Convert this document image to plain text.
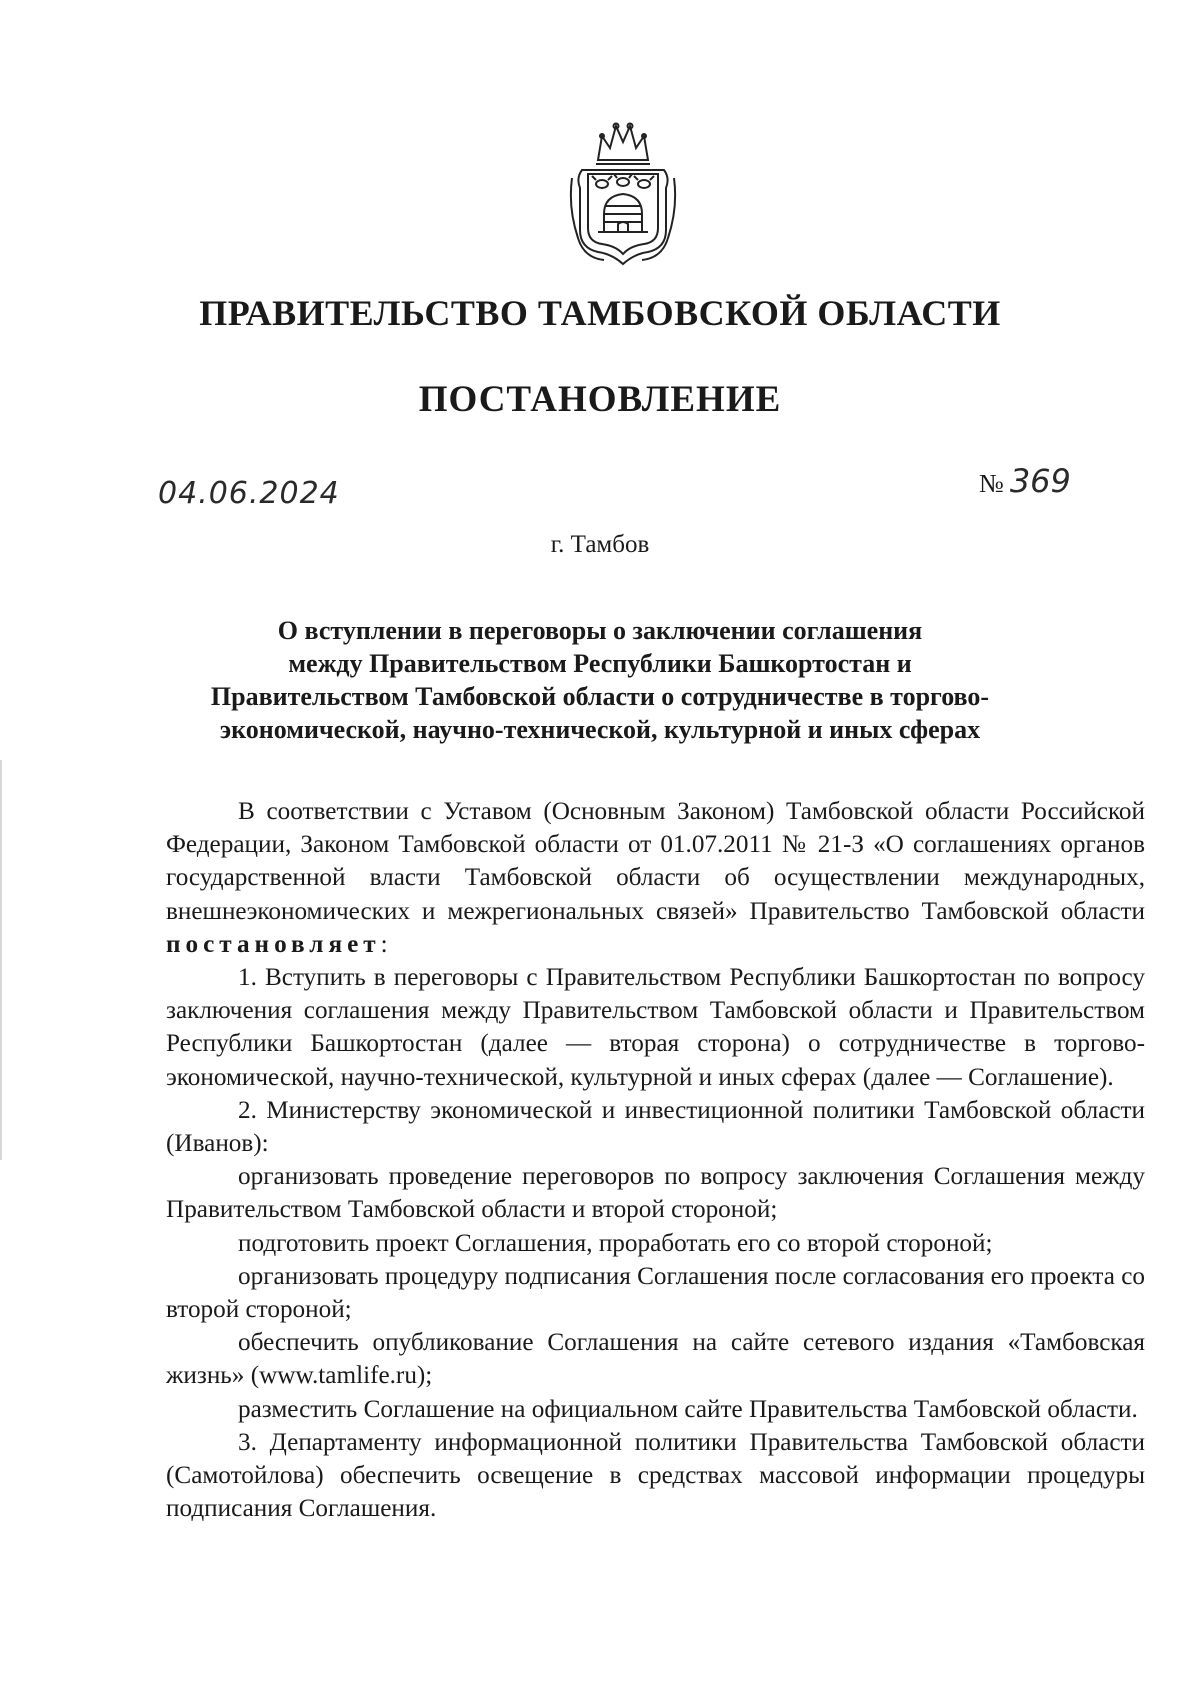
ПРАВИТЕЛЬСТВО ТАМБОВСКОЙ ОБЛАСТИ
ПОСТАНОВЛЕНИЕ
04.06.2024	№ 369
г. Тамбов
О вступлении в переговоры о заключении соглашения
между Правительством Республики Башкортостан и
Правительством Тамбовской области о сотрудничестве в торгово-
экономической, научно-технической, культурной и иных сферах

В соответствии с Уставом (Основным Законом) Тамбовской области Российской Федерации, Законом Тамбовской области от 01.07.2011 № 21-З «О соглашениях органов государственной власти Тамбовской области об осуществлении международных, внешнеэкономических и межрегиональных связей» Правительство Тамбовской области постановляет:

1. Вступить в переговоры с Правительством Республики Башкортостан по вопросу заключения соглашения между Правительством Тамбовской области и Правительством Республики Башкортостан (далее — вторая сторона) о сотрудничестве в торгово-экономической, научно-технической, культурной и иных сферах (далее — Соглашение).

2. Министерству экономической и инвестиционной политики Тамбовской области (Иванов):

организовать проведение переговоров по вопросу заключения Соглашения между Правительством Тамбовской области и второй стороной;

подготовить проект Соглашения, проработать его со второй стороной;

организовать процедуру подписания Соглашения после согласования его проекта со второй стороной;

обеспечить опубликование Соглашения на сайте сетевого издания «Тамбовская жизнь» (www.tamlife.ru);

разместить Соглашение на официальном сайте Правительства Тамбовской области.

3. Департаменту информационной политики Правительства Тамбовской области (Самотойлова) обеспечить освещение в средствах массовой информации процедуры подписания Соглашения.
